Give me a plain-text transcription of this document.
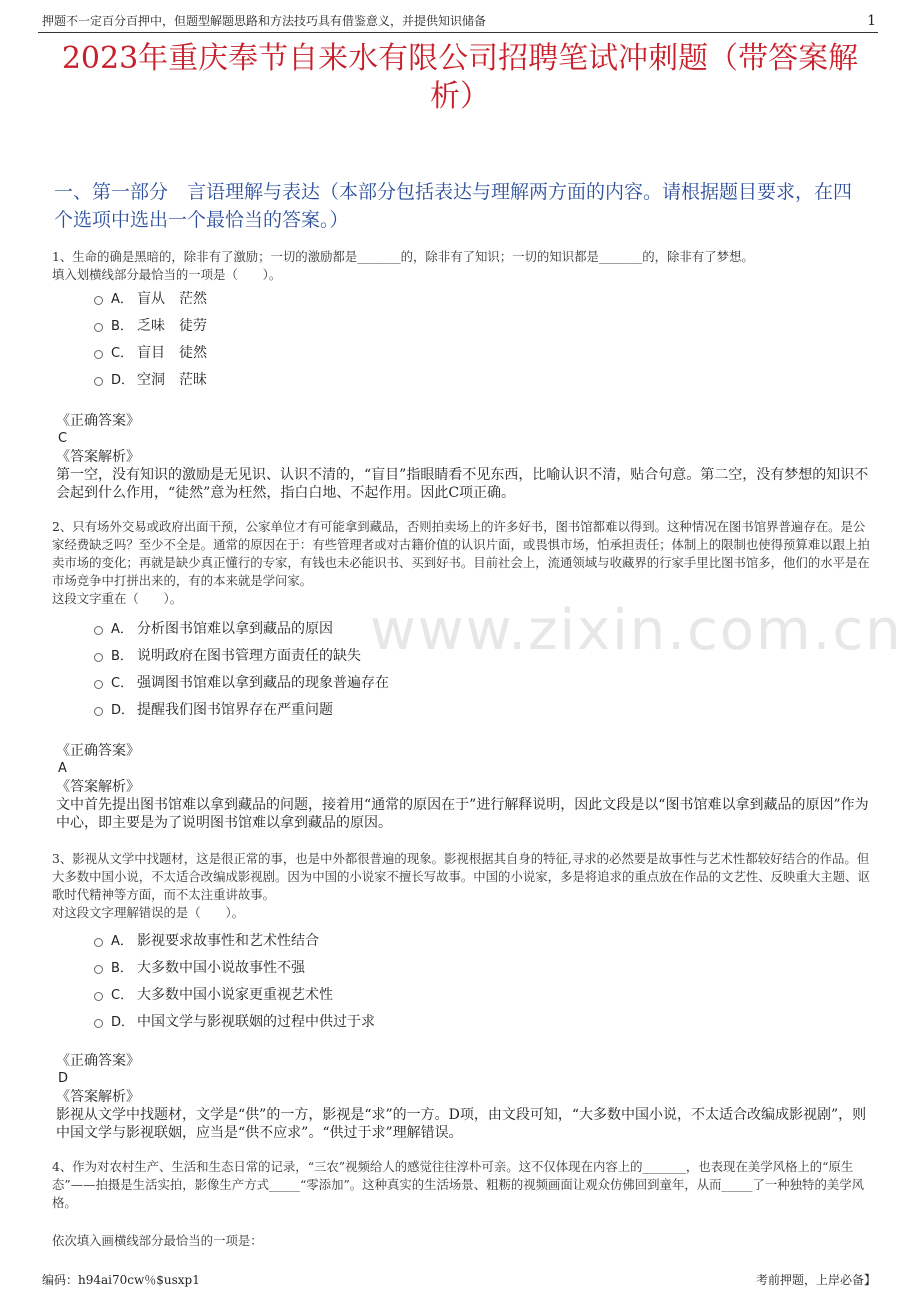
押题不一定百分百押中，但题型解题思路和方法技巧具有借鉴意义，并提供知识储备	1
2023年重庆奉节自来水有限公司招聘笔试冲刺题（带答案解析）
一、第一部分　言语理解与表达（本部分包括表达与理解两方面的内容。请根据题目要求，在四个选项中选出一个最恰当的答案。）
www.zixin.com.cn
1、生命的确是黑暗的，除非有了激励；一切的激励都是_______的，除非有了知识；一切的知识都是_______的，除非有了梦想。
填入划横线部分最恰当的一项是（　　）。
A． 盲从　茫然
B． 乏味　徒劳
C． 盲目　徒然
D． 空洞　茫昧
《正确答案》
C
《答案解析》
第一空，没有知识的激励是无见识、认识不清的，“盲目”指眼睛看不见东西，比喻认识不清，贴合句意。第二空，没有梦想的知识不会起到什么作用，“徒然”意为枉然，指白白地、不起作用。因此C项正确。
2、只有场外交易或政府出面干预，公家单位才有可能拿到藏品，否则拍卖场上的许多好书，图书馆都难以得到。这种情况在图书馆界普遍存在。是公家经费缺乏吗？至少不全是。通常的原因在于：有些管理者或对古籍价值的认识片面，或畏惧市场，怕承担责任；体制上的限制也使得预算难以跟上拍卖市场的变化；再就是缺少真正懂行的专家，有钱也未必能识书、买到好书。目前社会上，流通领域与收藏界的行家手里比图书馆多，他们的水平是在市场竞争中打拼出来的，有的本来就是学问家。
这段文字重在（　　）。
A． 分析图书馆难以拿到藏品的原因
B． 说明政府在图书管理方面责任的缺失
C． 强调图书馆难以拿到藏品的现象普遍存在
D． 提醒我们图书馆界存在严重问题
《正确答案》
A
《答案解析》
文中首先提出图书馆难以拿到藏品的问题，接着用“通常的原因在于”进行解释说明，因此文段是以“图书馆难以拿到藏品的原因”作为中心，即主要是为了说明图书馆难以拿到藏品的原因。
3、影视从文学中找题材，这是很正常的事，也是中外都很普遍的现象。影视根据其自身的特征,寻求的必然要是故事性与艺术性都较好结合的作品。但大多数中国小说，不太适合改编成影视剧。因为中国的小说家不擅长写故事。中国的小说家，多是将追求的重点放在作品的文艺性、反映重大主题、讴歌时代精神等方面，而不太注重讲故事。
对这段文字理解错误的是（　　）。
A． 影视要求故事性和艺术性结合
B． 大多数中国小说故事性不强
C． 大多数中国小说家更重视艺术性
D． 中国文学与影视联姻的过程中供过于求
《正确答案》
D
《答案解析》
影视从文学中找题材，文学是“供”的一方，影视是“求”的一方。D项，由文段可知，“大多数中国小说，不太适合改编成影视剧”，则中国文学与影视联姻，应当是“供不应求”。“供过于求”理解错误。
4、作为对农村生产、生活和生态日常的记录，“三农”视频给人的感觉往往淳朴可亲。这不仅体现在内容上的_______，也表现在美学风格上的“原生态”——拍摄是生活实拍，影像生产方式_____“零添加”。这种真实的生活场景、粗粝的视频画面让观众仿佛回到童年，从而_____了一种独特的美学风格。
依次填入画横线部分最恰当的一项是：
编码：h94ai70cw％$usxp1	考前押题，上岸必备】
